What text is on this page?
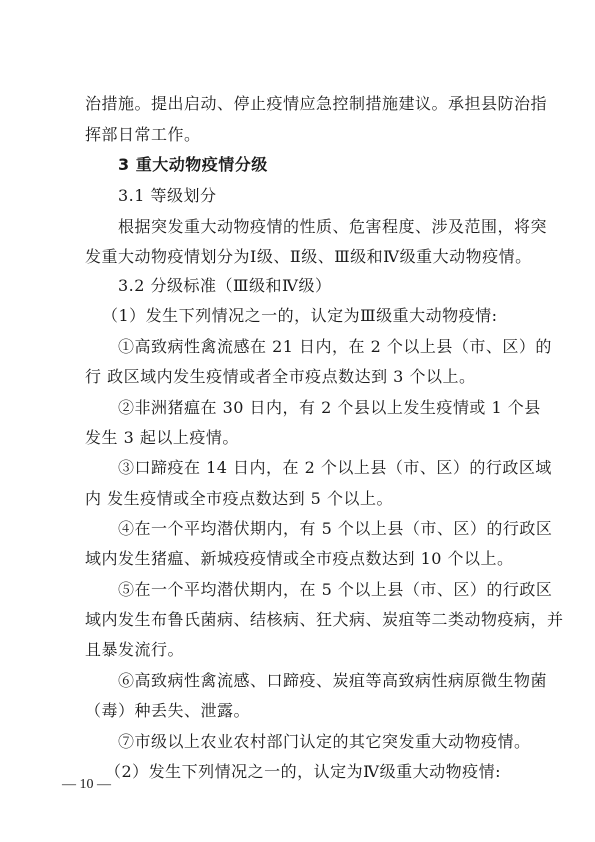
治措施。提出启动、停止疫情应急控制措施建议。承担县防治指
挥部日常工作。
3 重大动物疫情分级
3.1 等级划分
根据突发重大动物疫情的性质、危害程度、涉及范围，将突
发重大动物疫情划分为Ⅰ级、Ⅱ级、Ⅲ级和Ⅳ级重大动物疫情。
3.2 分级标准（Ⅲ级和Ⅳ级）
（1）发生下列情况之一的，认定为Ⅲ级重大动物疫情:
①高致病性禽流感在 21 日内，在 2 个以上县（市、区）的
行 政区域内发生疫情或者全市疫点数达到 3 个以上。
②非洲猪瘟在 30 日内，有 2 个县以上发生疫情或 1 个县
发生 3 起以上疫情。
③口蹄疫在 14 日内，在 2 个以上县（市、区）的行政区域
内 发生疫情或全市疫点数达到 5 个以上。
④在一个平均潜伏期内，有 5 个以上县（市、区）的行政区
域内发生猪瘟、新城疫疫情或全市疫点数达到 10 个以上。
⑤在一个平均潜伏期内，在 5 个以上县（市、区）的行政区
域内发生布鲁氏菌病、结核病、狂犬病、炭疽等二类动物疫病，并
且暴发流行。
⑥高致病性禽流感、口蹄疫、炭疽等高致病性病原微生物菌
（毒）种丢失、泄露。
⑦市级以上农业农村部门认定的其它突发重大动物疫情。
（2）发生下列情况之一的，认定为Ⅳ级重大动物疫情:
— 10 —
